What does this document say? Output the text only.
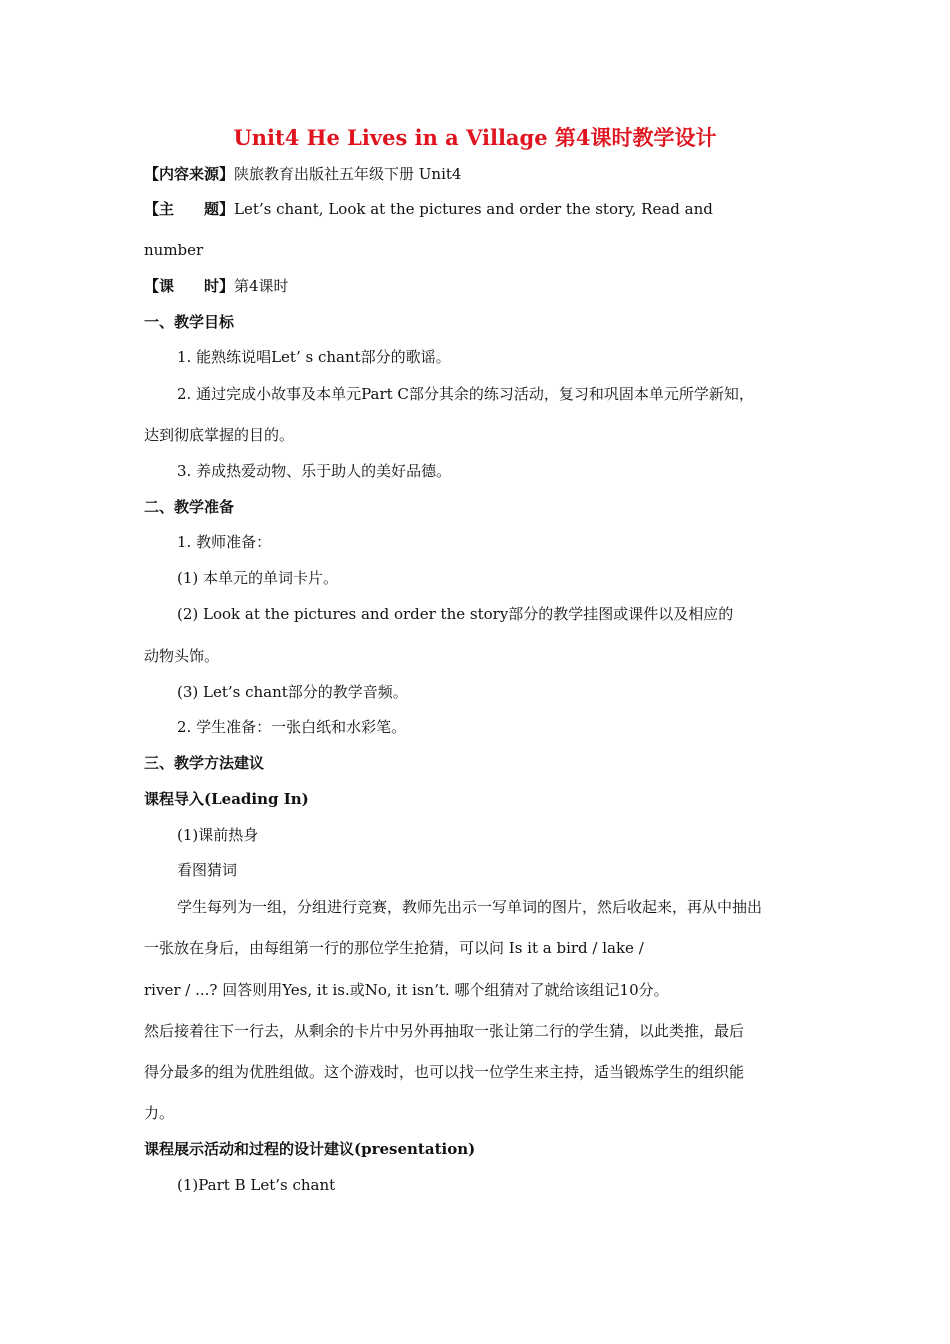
Unit4 He Lives in a Village 第4课时教学设计
【内容来源】陕旅教育出版社五年级下册 Unit4
【主　　题】Let’s chant, Look at the pictures and order the story, Read and
number
【课　　时】第4课时
一、教学目标
1. 能熟练说唱Let’ s chant部分的歌谣。
2. 通过完成小故事及本单元Part C部分其余的练习活动，复习和巩固本单元所学新知，
达到彻底掌握的目的。
3. 养成热爱动物、乐于助人的美好品德。
二、教学准备
1. 教师准备：
(1) 本单元的单词卡片。
(2) Look at the pictures and order the story部分的教学挂图或课件以及相应的
动物头饰。
(3) Let’s chant部分的教学音频。
2. 学生准备：一张白纸和水彩笔。
三、教学方法建议
课程导入(Leading In)
(1)课前热身
看图猜词
学生每列为一组，分组进行竞赛，教师先出示一写单词的图片，然后收起来，再从中抽出
一张放在身后，由每组第一行的那位学生抢猜，可以问 Is it a bird / lake /
river / ...? 回答则用Yes, it is.或No, it isn’t. 哪个组猜对了就给该组记10分。
然后接着往下一行去，从剩余的卡片中另外再抽取一张让第二行的学生猜，以此类推，最后
得分最多的组为优胜组做。这个游戏时，也可以找一位学生来主持，适当锻炼学生的组织能
力。
课程展示活动和过程的设计建议(presentation)
(1)Part B Let’s chant
